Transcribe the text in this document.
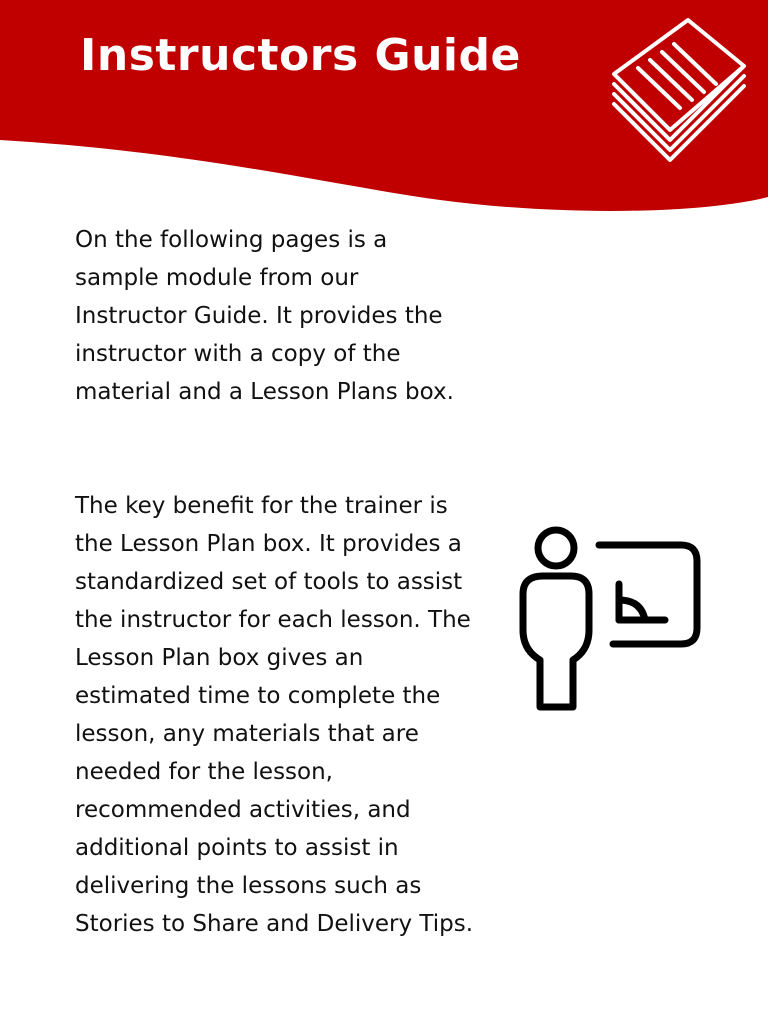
Instructors Guide

On the following pages is a sample module from our Instructor Guide. It provides the instructor with a copy of the material and a Lesson Plans box.

The key benefit for the trainer is the Lesson Plan box. It provides a standardized set of tools to assist the instructor for each lesson. The Lesson Plan box gives an estimated time to complete the lesson, any materials that are needed for the lesson, recommended activities, and additional points to assist in delivering the lessons such as Stories to Share and Delivery Tips.
